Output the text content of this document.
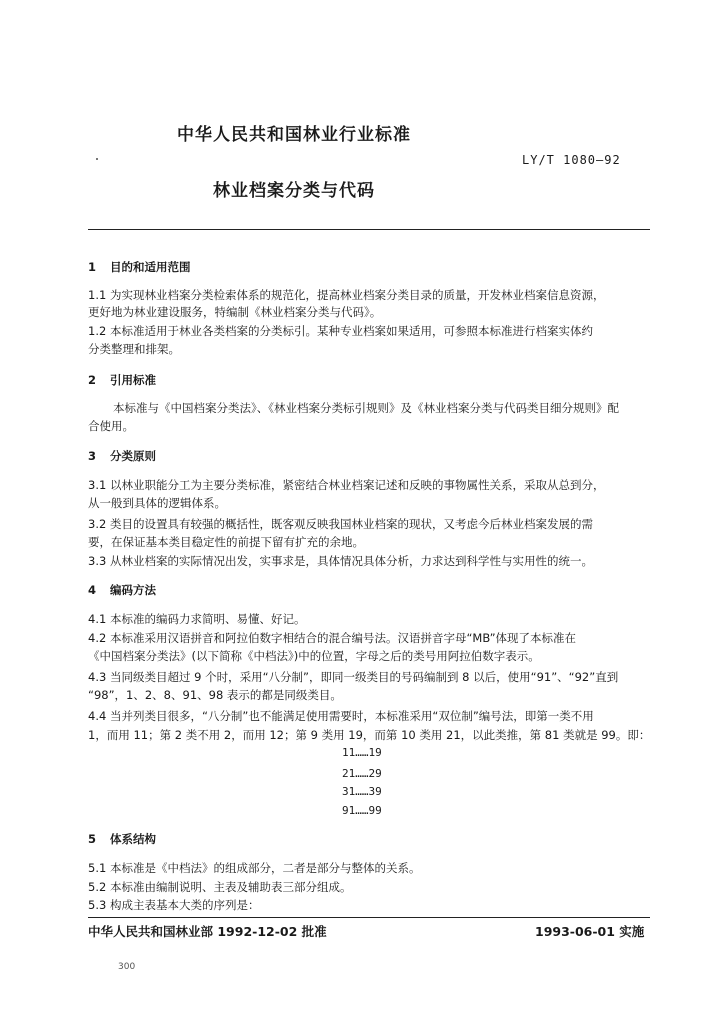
中华人民共和国林业行业标准
LY/T 1080—92
林业档案分类与代码
1 目的和适用范围
1.1 为实现林业档案分类检索体系的规范化，提高林业档案分类目录的质量，开发林业档案信息资源，
更好地为林业建设服务，特编制《林业档案分类与代码》。
1.2 本标准适用于林业各类档案的分类标引。某种专业档案如果适用，可参照本标准进行档案实体约
分类整理和排架。
2 引用标准
本标准与《中国档案分类法》、《林业档案分类标引规则》及《林业档案分类与代码类目细分规则》配
合使用。
3 分类原则
3.1 以林业职能分工为主要分类标准，紧密结合林业档案记述和反映的事物属性关系，采取从总到分，
从一般到具体的逻辑体系。
3.2 类目的设置具有较强的概括性，既客观反映我国林业档案的现状，又考虑今后林业档案发展的需
要，在保证基本类目稳定性的前提下留有扩充的余地。
3.3 从林业档案的实际情况出发，实事求是，具体情况具体分析，力求达到科学性与实用性的统一。
4 编码方法
4.1 本标准的编码力求简明、易懂、好记。
4.2 本标准采用汉语拼音和阿拉伯数字相结合的混合编号法。汉语拼音字母“MB”体现了本标准在
《中国档案分类法》(以下简称《中档法》)中的位置，字母之后的类号用阿拉伯数字表示。
4.3 当同级类目超过 9 个时，采用“八分制”，即同一级类目的号码编制到 8 以后，使用“91”、“92”直到
“98”，1、2、8、91、98 表示的都是同级类目。
4.4 当并列类目很多，“八分制”也不能满足使用需要时，本标准采用“双位制”编号法，即第一类不用
1，而用 11；第 2 类不用 2，而用 12；第 9 类用 19，而第 10 类用 21，以此类推，第 81 类就是 99。即：
11……19
21……29
31……39
91……99
5 体系结构
5.1 本标准是《中档法》的组成部分，二者是部分与整体的关系。
5.2 本标准由编制说明、主表及辅助表三部分组成。
5.3 构成主表基本大类的序列是：
中华人民共和国林业部 1992-12-02 批准	1993-06-01 实施
300
